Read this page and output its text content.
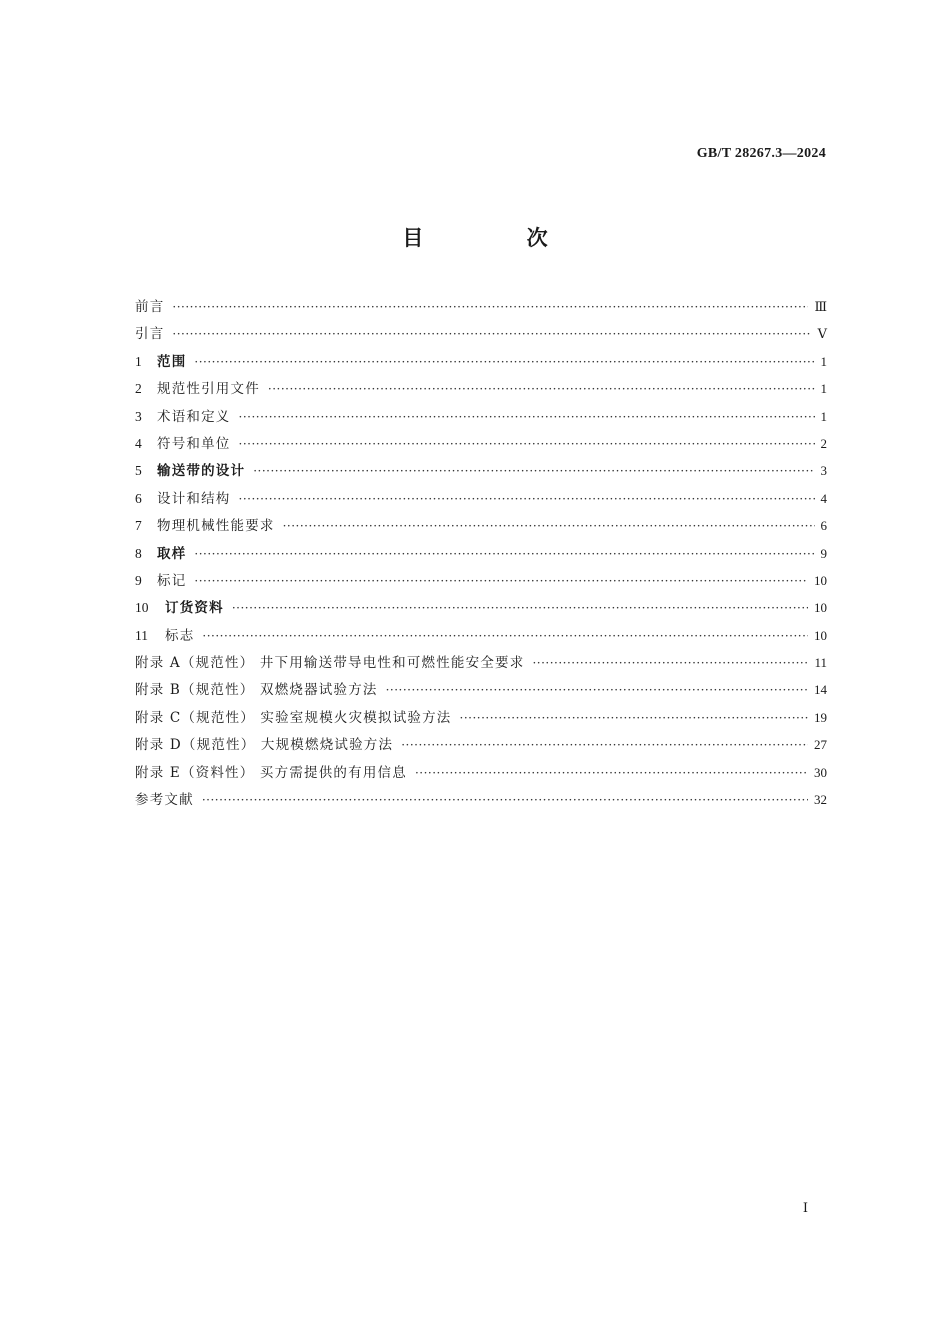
GB/T 28267.3—2024
目 次
前言 ·····	Ⅲ
引言 ·····	Ⅴ
1	范围 ·····	1
2	规范性引用文件 ·····	1
3	术语和定义 ·····	1
4	符号和单位 ·····	2
5	输送带的设计 ·····	3
6	设计和结构 ·····	4
7	物理机械性能要求 ·····	6
8	取样 ·····	9
9	标记 ·····	10
10	订货资料 ·····	10
11	标志 ·····	10
附录 A（规范性） 井下用输送带导电性和可燃性能安全要求 ·····	11
附录 B（规范性） 双燃烧器试验方法 ·····	14
附录 C（规范性） 实验室规模火灾模拟试验方法 ·····	19
附录 D（规范性） 大规模燃烧试验方法 ·····	27
附录 E（资料性） 买方需提供的有用信息 ·····	30
参考文献 ·····	32
Ⅰ
